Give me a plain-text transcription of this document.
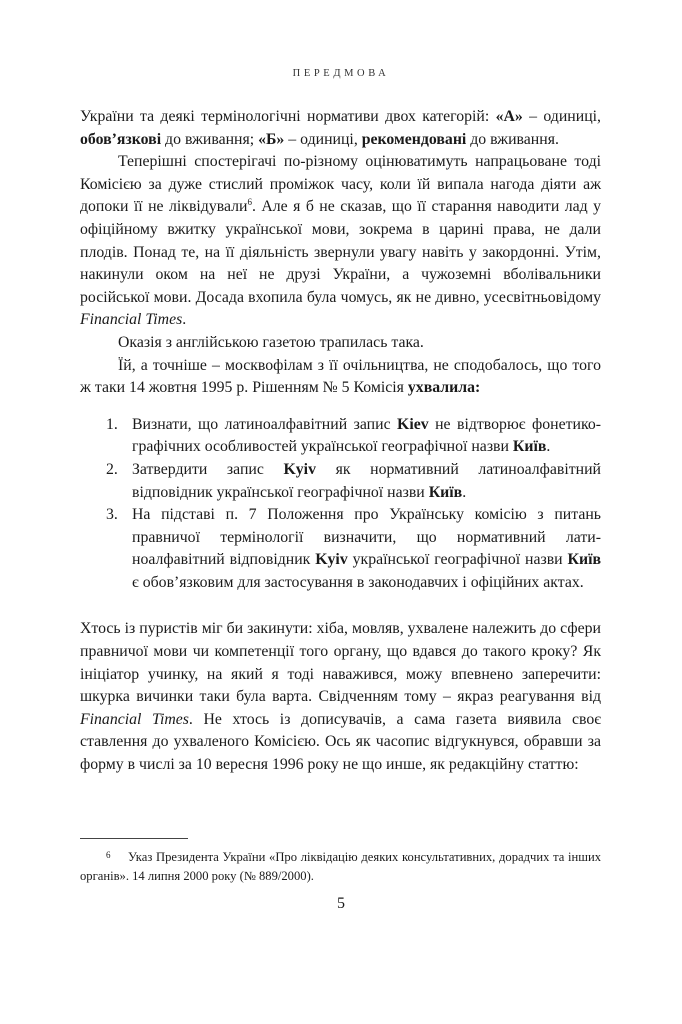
ПЕРЕДМОВА

України та деякі термінологічні нормативи двох категорій: «А» – одиниці, обов’язкові до вживання; «Б» – одиниці, рекомендовані до вживання.

Теперішні спостерігачі по-різному оцінюватимуть напрацьоване тоді Комісією за дуже стислий проміжок часу, коли їй випала нагода діяти аж допоки її не ліквідували$^6$. Але я б не сказав, що її старання наводити лад у офіційному вжитку української мови, зокрема в царині права, не дали плодів. Понад те, на її діяльність звернули увагу навіть у закордонні. Утім, накинули оком на неї не друзі України, а чужоземні вболівальники російської мови. Досада вхопила була чомусь, як не дивно, усесвітньовідому Financial Times.

Оказія з англійською газетою трапилась така.

Їй, а точніше – москвофілам з її очільництва, не сподобалось, що того ж таки 14 жовтня 1995 р. Рішенням № 5 Комісія ухвалила:

1. Визнати, що латиноалфавітний запис Kiev не відтворює фонетико-графічних особливостей української географічної назви Київ.
2. Затвердити запис Kyiv як нормативний латиноалфавітний відповідник української географічної назви Київ.
3. На підставі п. 7 Положення про Українську комісію з питань правничої термінології визначити, що нормативний латиноалфавітний відповідник Kyiv української географічної назви Київ є обов’язковим для застосування в законодавчих і офіційних актах.

Хтось із пуристів міг би закинути: хіба, мовляв, ухвалене належить до сфери правничої мови чи компетенції того органу, що вдався до такого кроку? Як ініціатор учинку, на який я тоді наважився, можу впевнено заперечити: шкурка вичинки таки була варта. Свідченням тому – якраз реагування від Financial Times. Не хтось із дописувачів, а сама газета виявила своє ставлення до ухваленого Комісією. Ось як часопис відгукнувся, обравши за форму в числі за 10 вересня 1996 року не що инше, як редакційну статтю:

6 Указ Президента України «Про ліквідацію деяких консультативних, дорадчих та інших органів». 14 липня 2000 року (№ 889/2000).
5
